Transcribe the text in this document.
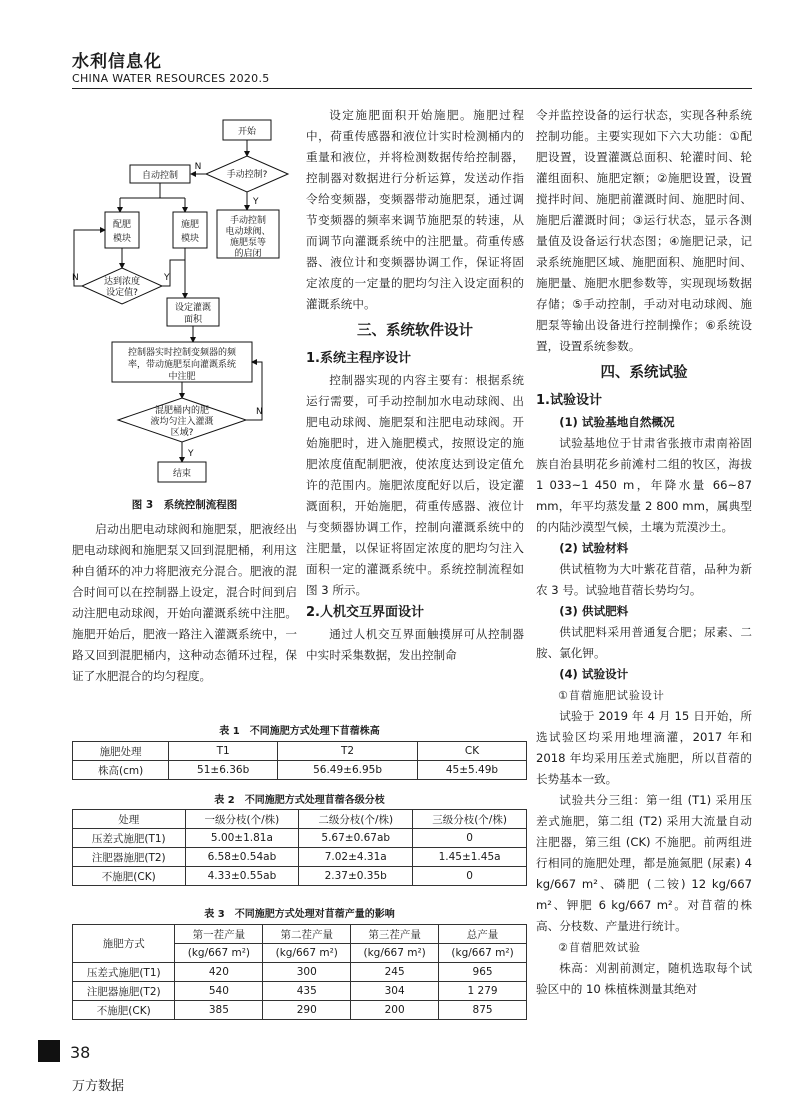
水利信息化
CHINA WATER RESOURCES 2020.5
开始
手动控制?
自动控制
N
Y
手动控制
电动球阀、
施肥泵等
的启闭
配肥
模块
施肥
模块
达到浓度
设定值?
N	Y
设定灌溉
面积
控制器实时控制变频器的频
率，带动施肥泵向灌溉系统
中注肥
混肥桶内的肥
液均匀注入灌溉
区域?
N
Y
结束
图 3　系统控制流程图

启动出肥电动球阀和施肥泵，肥液经出肥电动球阀和施肥泵又回到混肥桶，利用这种自循环的冲力将肥液充分混合。肥液的混合时间可以在控制器上设定，混合时间到启动注肥电动球阀，开始向灌溉系统中注肥。施肥开始后，肥液一路注入灌溉系统中，一路又回到混肥桶内，这种动态循环过程，保证了水肥混合的均匀程度。

设定施肥面积开始施肥。施肥过程中，荷重传感器和液位计实时检测桶内的重量和液位，并将检测数据传给控制器，控制器对数据进行分析运算，发送动作指令给变频器，变频器带动施肥泵，通过调节变频器的频率来调节施肥泵的转速，从而调节向灌溉系统中的注肥量。荷重传感器、液位计和变频器协调工作，保证将固定浓度的一定量的肥均匀注入设定面积的灌溉系统中。

三、系统软件设计
1.系统主程序设计

控制器实现的内容主要有：根据系统运行需要，可手动控制加水电动球阀、出肥电动球阀、施肥泵和注肥电动球阀。开始施肥时，进入施肥模式，按照设定的施肥浓度值配制肥液，使浓度达到设定值允许的范围内。施肥浓度配好以后，设定灌溉面积，开始施肥，荷重传感器、液位计与变频器协调工作，控制向灌溉系统中的注肥量，以保证将固定浓度的肥均匀注入面积一定的灌溉系统中。系统控制流程如图 3 所示。

2.人机交互界面设计

通过人机交互界面触摸屏可从控制器中实时采集数据，发出控制命

令并监控设备的运行状态，实现各种系统控制功能。主要实现如下六大功能：①配肥设置，设置灌溉总面积、轮灌时间、轮灌组面积、施肥定额；②施肥设置，设置搅拌时间、施肥前灌溉时间、施肥时间、施肥后灌溉时间；③运行状态，显示各测量值及设备运行状态图；④施肥记录，记录系统施肥区域、施肥面积、施肥时间、施肥量、施肥水肥参数等，实现现场数据存储；⑤手动控制，手动对电动球阀、施肥泵等输出设备进行控制操作；⑥系统设置，设置系统参数。

四、系统试验
1.试验设计
(1) 试验基地自然概况

试验基地位于甘肃省张掖市肃南裕固族自治县明花乡前滩村二组的牧区，海拔 1 033~1 450 m，年降水量 66~87 mm，年平均蒸发量 2 800 mm，属典型的内陆沙漠型气候，土壤为荒漠沙土。

(2) 试验材料

供试植物为大叶紫花苜蓿，品种为新农 3 号。试验地苜蓿长势均匀。

(3) 供试肥料

供试肥料采用普通复合肥；尿素、二胺、氯化钾。

(4) 试验设计
①苜蓿施肥试验设计

试验于 2019 年 4 月 15 日开始，所选试验区均采用地埋滴灌，2017 年和 2018 年均采用压差式施肥，所以苜蓿的长势基本一致。

试验共分三组：第一组 (T1) 采用压差式施肥，第二组 (T2) 采用大流量自动注肥器，第三组 (CK) 不施肥。前两组进行相同的施肥处理，都是施氮肥 (尿素) 4 kg/667 m²、磷肥 (二铵) 12 kg/667 m²、钾肥 6 kg/667 m²。对苜蓿的株高、分枝数、产量进行统计。

②苜蓿肥效试验

株高：刈割前测定，随机选取每个试验区中的 10 株植株测量其绝对

表 1　不同施肥方式处理下苜蓿株高
施肥处理	T1	T2	CK
株高(cm)	51±6.36b	56.49±6.95b	45±5.49b
表 2　不同施肥方式处理苜蓿各级分枝
处理	一级分枝(个/株)	二级分枝(个/株)	三级分枝(个/株)
压差式施肥(T1)	5.00±1.81a	5.67±0.67ab	0
注肥器施肥(T2)	6.58±0.54ab	7.02±4.31a	1.45±1.45a
不施肥(CK)	4.33±0.55ab	2.37±0.35b	0
表 3　不同施肥方式处理对苜蓿产量的影响
施肥方式	第一茬产量	第二茬产量	第三茬产量	总产量
	(kg/667 m²)	(kg/667 m²)	(kg/667 m²)	(kg/667 m²)
压差式施肥(T1)	420	300	245	965
注肥器施肥(T2)	540	435	304	1 279
不施肥(CK)	385	290	200	875
38
万方数据
